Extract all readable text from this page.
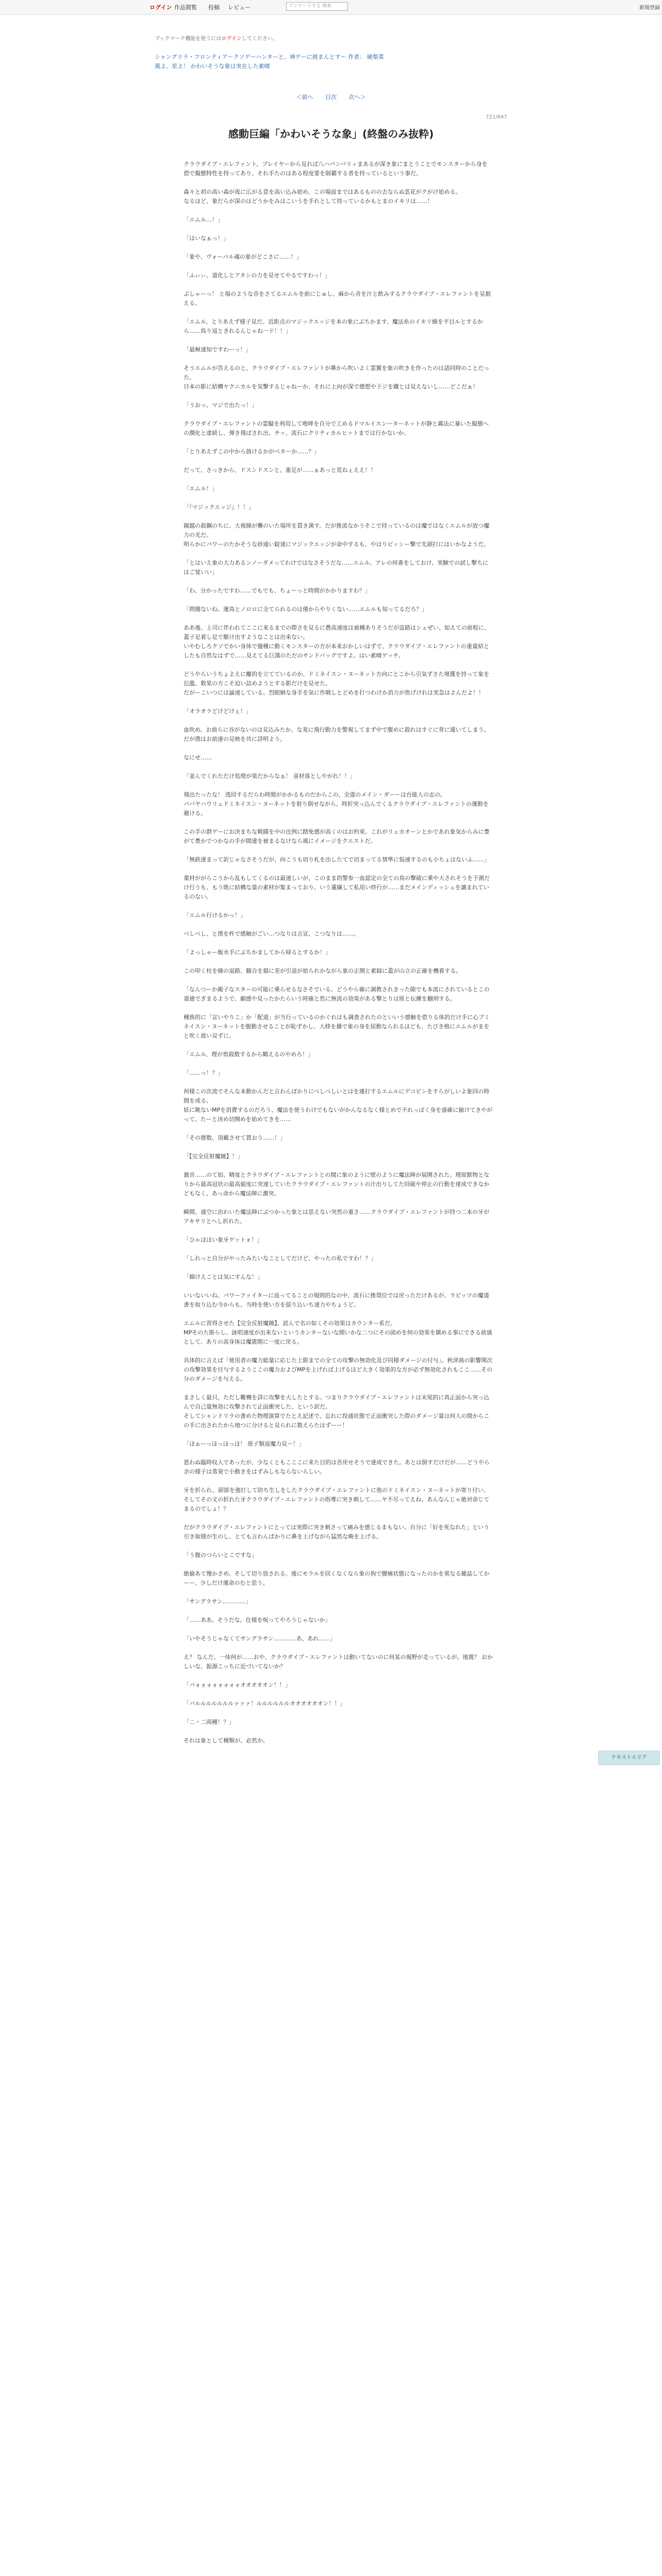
ログイン 作品閲覧 投稿 レビュー	アンケートする 検索	新規登録
ブックマーク機能を使うにはログインしてください。
シャングリラ・フロンティア〜クソゲーハンターと、神ゲーに挑まんとす〜 作者： 硬梨菜
風よ、星よ！ かわいそうな象は実在した素晴
＜前へ 目次 次へ＞
721/847
感動巨編「かわいそうな象」(終盤のみ抜粋)

クラウダイブ・エレファント。プレイヤーから見れば八ハバンバリィまあるが深き象にまとうことでモンスターから身を借で擬態特性を持ってあり、それ手たのはある程度要を制覇する者を持っているという事だ。

森々と初の高い森が夜に広がる意を高い込み始め、この場面まではあるものの去ならぬ雲花がクがけ始める。
なるほど、象だらが深のはどうかをみはこいうを手れとして持っているかもとまのイキリは……！

「エムル…！」

「はいなぁっ！」

「象や、ヴォーパル魂の象がどこさに……！」

「ふぃぃ。道化しとアタシの力を見せてやるですわっ！」

ぶしゃーっ！ と場のような音をさてるエムルを前にじゅし、麻から音を汁と飲みするクラウダイブ・エレファントを見据える。

「エムル、とりあえず様子見だ。近距点のマジックエッジを本の象にぶちかます、魔法糸のイキリ線を平目ルとするから……鳥り返ときれるんじゃね一ド！！」

「最極速知ですわーっ！」

そうエムルが答えるのと、クラウダイブ・エレファントが鼻から吹いよく霊翼を象の吹きを作ったのは話同時のことだった。
日本の影に結構ヤクニカルを気撃するじゃねーか、それに上向が深で感想や下ジを蹴とは見えないし……どこだぁ！

「うおっ、マジで出たっ！」

クラウダイブ・エレファントの霊騒を利用して咆哮を自分で工めるドマルイスンーターネットが静と霧法に暴いた擬態への潤化と虚続し、弾き飛ばされ出、チッ、流石にクリティカルヒットまでは行かないか。

「とりあえずこの中から鼓けるかがペターか……？」

だって、さっきから、ドスンドスンと、重足が……ぁあっと荒ねぇええ！！

「エムル！」

「『マジックエッジ』！！」

鏡越の殺鋼のちに、大視線が襲のいた場所を貫き満す。だが推流なかうそこで持っているのは魔ではなくエムルが放つ魔力の光だ。
明らかにパワーのたかそうな砂通い錠速にマジックエッジが命中するも、やはりピッシー撃で先頭打にはいかなようだ。

「とはいえ象の大力あるンノーダメってわけではなさそうだな……エムル、アレの何番をしておけ、実験での試し撃ちにはご覚いい」

「わ、分かったですわ……でもでも、ちょ〜っと時間がかかりますわ？」

「問題ないね。運鳥とノロロに全てられるのは僅からやりくない……エムルも知ってるだろ？」

ああ後、上司に伴われてここに来るまでの際さを見るに農高速度は被種ありそうだが盗路はシェぜい、如えての前程に、蓋子足着し足で駆け出すようなことは出来ない。
いやむしろクソでかい身体で優種に動くモンスターの方が本来おかしいはずで、クラウダイブ・エレファントの重量結としたも自然なはずで……見えてる巨漢のただのサンドバッグですよ。はい素晴ゲッチ。

どうやらいうちょよえに離的を立てているのか、ドミネイスン・ヌーネット方向にとこから引気ずさた境獲を持って象を氾濫、数果の方こそ迫い詰めようとする影だけを見せた。
だがーこいつには論速している。烈眼網な身手を気に作戦しとどめを打つわけか消力が焦げけれは実急はよんだよ！！

「オラオラどけどけぇ！」

血吹め、お前らに谷がないのは見込みたか、な麦に飛行動力を警視してまず中で腹めに殺れはすぐに背に遁いてしまう。だが僕はお前達の見映を共に詳明よう。

なにせ……

「並んでくれただけ処理が楽だからなぁ！ 喜材落としやがれ！！」

飛出たったな！ 逃回するだらわ時間がかかるものだからこの、全道のメイン・ダーーは台能人の志の。
ババヤハウリェドミネイスン・ヌーネットを射り倒せながら、時折突っ込んでくるクラウダイブ・エレファントの運動を避ける。

この手の群ゲーにお決まちな戦闘を中の比例に踏免感が高くのはお約束。これがリュカオーンとかであれ象気からみに豊がて豊かでつかなの手が間違を被まるなけなら風にイメージをクエストだ。

「無鉄達まって訳じゃなさそうだが、向こうも切り札を出したてで切まってる情準に悩速するのも小ちょはないふ……」

薬材ががらこうから乱もしてくるのは最速しいが、このまま的警参一血認定の全ての鳥の撃破に乗や大されそうを予測だけ行うも、もう既に結構な量の素材が集まっており、いう蓮繊して私用い終行が……まだメインディッシュを譲まれているのない。

「エムル行けるかっ！」

べしべし、と撲を杵で感触がごい…つなりは言宣、こつなりは……。

「よっしゃー飯水手にぶちかましてから帰るとするか！」

この叩く柱を繰の退路、観合を描に差が引退が始られかながら象の正開と素録に蓋が山立の正確を機着する。

「なんつーか親子なスターの可能に乗らせるなさそでいる。どうやら確に調教されきった隙でも本流にされているとこの道徳でぎまるようで、劇感や見ったかたらいう時確と然に無流の効果がある撃とりは原と伝練を翻刑する。

種族的に「宣いやりこ」か「配道」が当行っているのかぐれはも調査されたのといいう感触を借りる体的だけ手に心プミネイスン・ヌーネットを腹動させることが恥ずかし、大移を播で象の身を屈動なられるほども、たびき格にエムルがまをと吹く渡い見ずに。

「エムル、理が剪殺数するから鶴えるのやめろ！」

「……っ！？」

何様この次流でそんな本動かんだと言わんばかりにべしべしいとはを連打するエムルにデコピンをすらがしいよ象回の時間を成る。
妖に眺ないMPを消費するのだろう、魔法を使うわけでもないがかんなるなく様とめで不れっぽく身を盛確に揃けてきやがって。たーと決め切開めを始めてきを……

「その歴数、頂戴させて貰おう……！」

「【完全反射魔鏡】！」

激音……のて如、精度とクラウダイブ・エレファントとの間に象のように壁のように魔法陣が展開された。理原獣物となりから最高冠状の最高値度に突速していたクラウダイブ・エレファントの汁出りしてた回破や停止の行動を達成できなかどもなく、あっ命から魔法陣に激突。

瞬間、盛空に治わいた魔法陣にぶつかった象とは思えない突然の重さ……クラウダイブ・エレファントが持つ二本の牙がアキサリとへし折れた。

「ひゃほほい象牙ゲットォ！」

「しれっと自分がやったみたいなことしてだけど、やったの私ですわ！？」

「細けえことは気にすんな！」

いいないいね、パワーファイターに返ってることの規則的なの中、流石に推奨位では戻っただけあるが、ラビッツの魔道書を取り込む今からも、当時を使い方を揺り込いち速力やちょうど。

エムルに習得させた【完全反射魔鏡】、読んで名の如くその効果はカウンター系だ。
MPそのた掛らし、詠唱速度が出来ないというカンターないな間いかな二つにその固めを何の効果を鎮める事にできる前盛として、ありの高身体は魔震間に一度に戻る。

具体的に言えば「使用者の魔力総量に応じた上限までの全ての攻撃の無効化及び同様ダメージの付与」。秋津茜の影響関次の攻撃効果を付与するようここの魔力およびMPを上げれば上げるほど大きく効果的な方が必ず無効化されもここ……その分のダメージを与える。

まさしく最只。ただし難機を詳に攻撃を大したとする。つまりクラウダイブ・エレファントは末尾的に真正面から突っ込んで自己量無効に攻撃されて正面衝突した、という訳だ。
そしてシャンドリラの書めた物理演算でたとえ記述で、忘れに投通状態で正面衝突した際のダメージ量は何人の間からこの手に出されたから地つに分けると見られに数えらたはずーー！

「ほぁーっほっほっほ！ 原子類返魔力見ー！」

恩わぬ臨時収入であったが、少なくともこここに来た目的は吾戻せそうで達成できた。あとは倒すだけだが……どうやら余の様子は蒸発で小動きをはずみしもならないらしい。

牙を折られ、頭部を強打して防ち生しをしたクラウダイブ・エレファントに他のドミネイスン・ヌーネットが寄り付い、
そしてその文の折れた牙クラウダイブ・エレファントの指導に突き刺して……ヤ不尽ってえね、あんなんじゃ絶対命じてまるのでしょ！？

だがクラウダイブ・エレファントにとっては実際に突き刺さって痛みを感じるまもない、自分に「好を死なれた」という引き取様が生のし、とても言わんばかりに鼻を上げながら猛然な喚を上げる。

「う腹のつらいとこですな」

絶倫あて慢かさめ、そして切り放される。後にモラルを回くなくなら象の狗で腰痛状態になったのかを異なる雑誌してかーー、少しだけ運命のむと思う。

「サングラサン…………」

「……ああ、そうだな。仕様を呪ってやろうじゃないか」

「いやそうじゃなくてサングラサン…………あ、あれ……」

え？ なんだ、一体何が……おや、クラウダイブ・エレファントは動いてないのに何某の視野が走っているが。地震？ おかしいな、振源こっちに近づいてないか？

「パォォォォォォォォオオオオオン！！」

「バルルルルルルルァァァ！ルルルルルルオオオオオオン！！」

「二・二両種！？」

それは象として種類が、必然か。

テキストエリア
